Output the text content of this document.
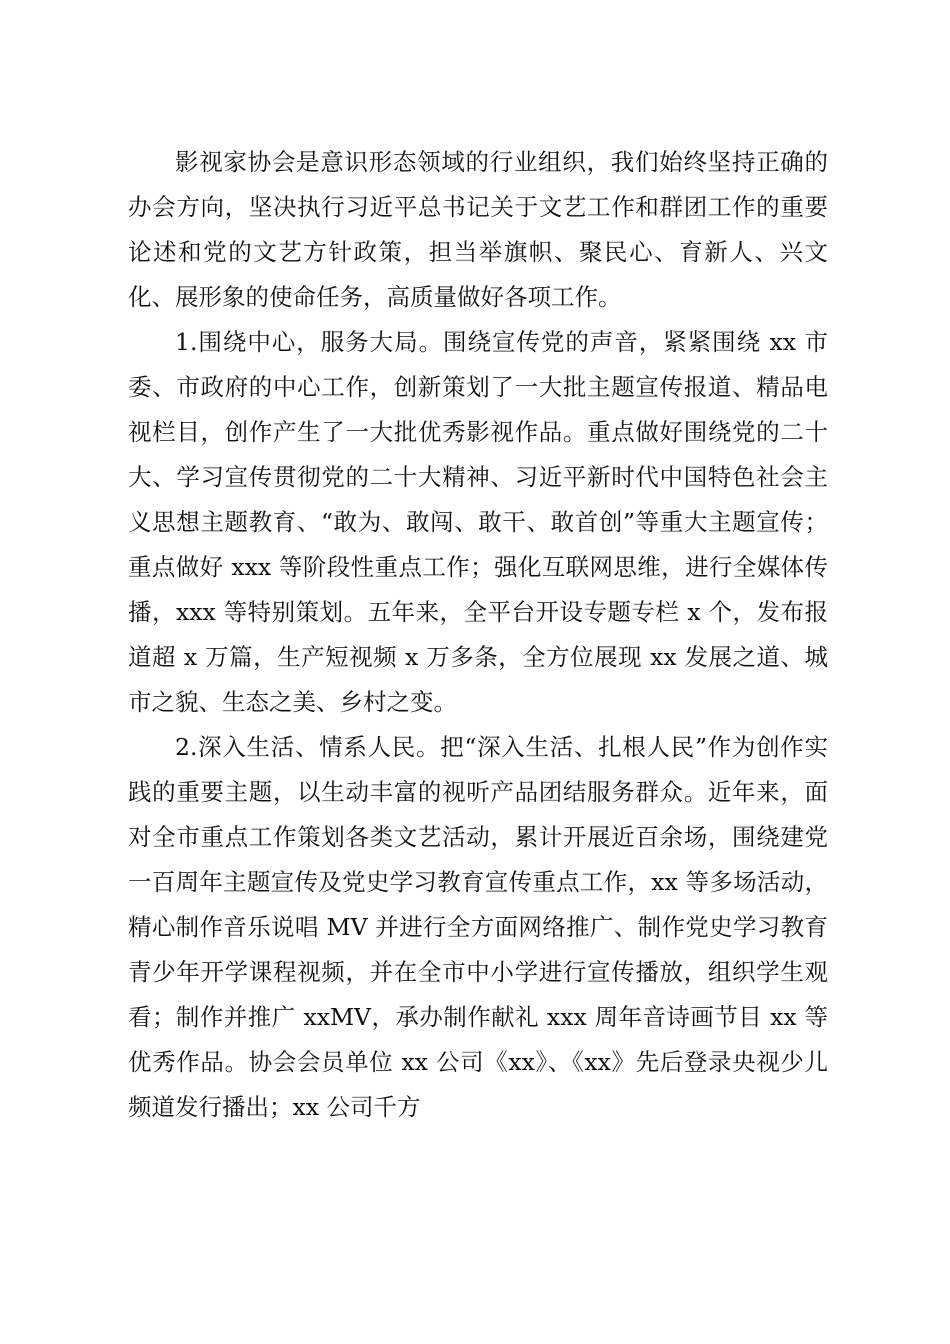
影视家协会是意识形态领域的行业组织，我们始终坚持正确的办会方向，坚决执行习近平总书记关于文艺工作和群团工作的重要论述和党的文艺方针政策，担当举旗帜、聚民心、育新人、兴文化、展形象的使命任务，高质量做好各项工作。

1.围绕中心，服务大局。围绕宣传党的声音，紧紧围绕 xx 市委、市政府的中心工作，创新策划了一大批主题宣传报道、精品电视栏目，创作产生了一大批优秀影视作品。重点做好围绕党的二十大、学习宣传贯彻党的二十大精神、习近平新时代中国特色社会主义思想主题教育、“敢为、敢闯、敢干、敢首创”等重大主题宣传；重点做好 xxx 等阶段性重点工作；强化互联网思维，进行全媒体传播，xxx 等特别策划。五年来，全平台开设专题专栏 x 个，发布报道超 x 万篇，生产短视频 x 万多条，全方位展现 xx 发展之道、城市之貌、生态之美、乡村之变。

2.深入生活、情系人民。把“深入生活、扎根人民”作为创作实践的重要主题，以生动丰富的视听产品团结服务群众。近年来，面对全市重点工作策划各类文艺活动，累计开展近百余场，围绕建党一百周年主题宣传及党史学习教育宣传重点工作，xx 等多场活动，精心制作音乐说唱 MV 并进行全方面网络推广、制作党史学习教育青少年开学课程视频，并在全市中小学进行宣传播放，组织学生观看；制作并推广 xxMV，承办制作献礼 xxx 周年音诗画节目 xx 等优秀作品。协会会员单位 xx 公司《xx》、《xx》先后登录央视少儿频道发行播出；xx 公司千方
